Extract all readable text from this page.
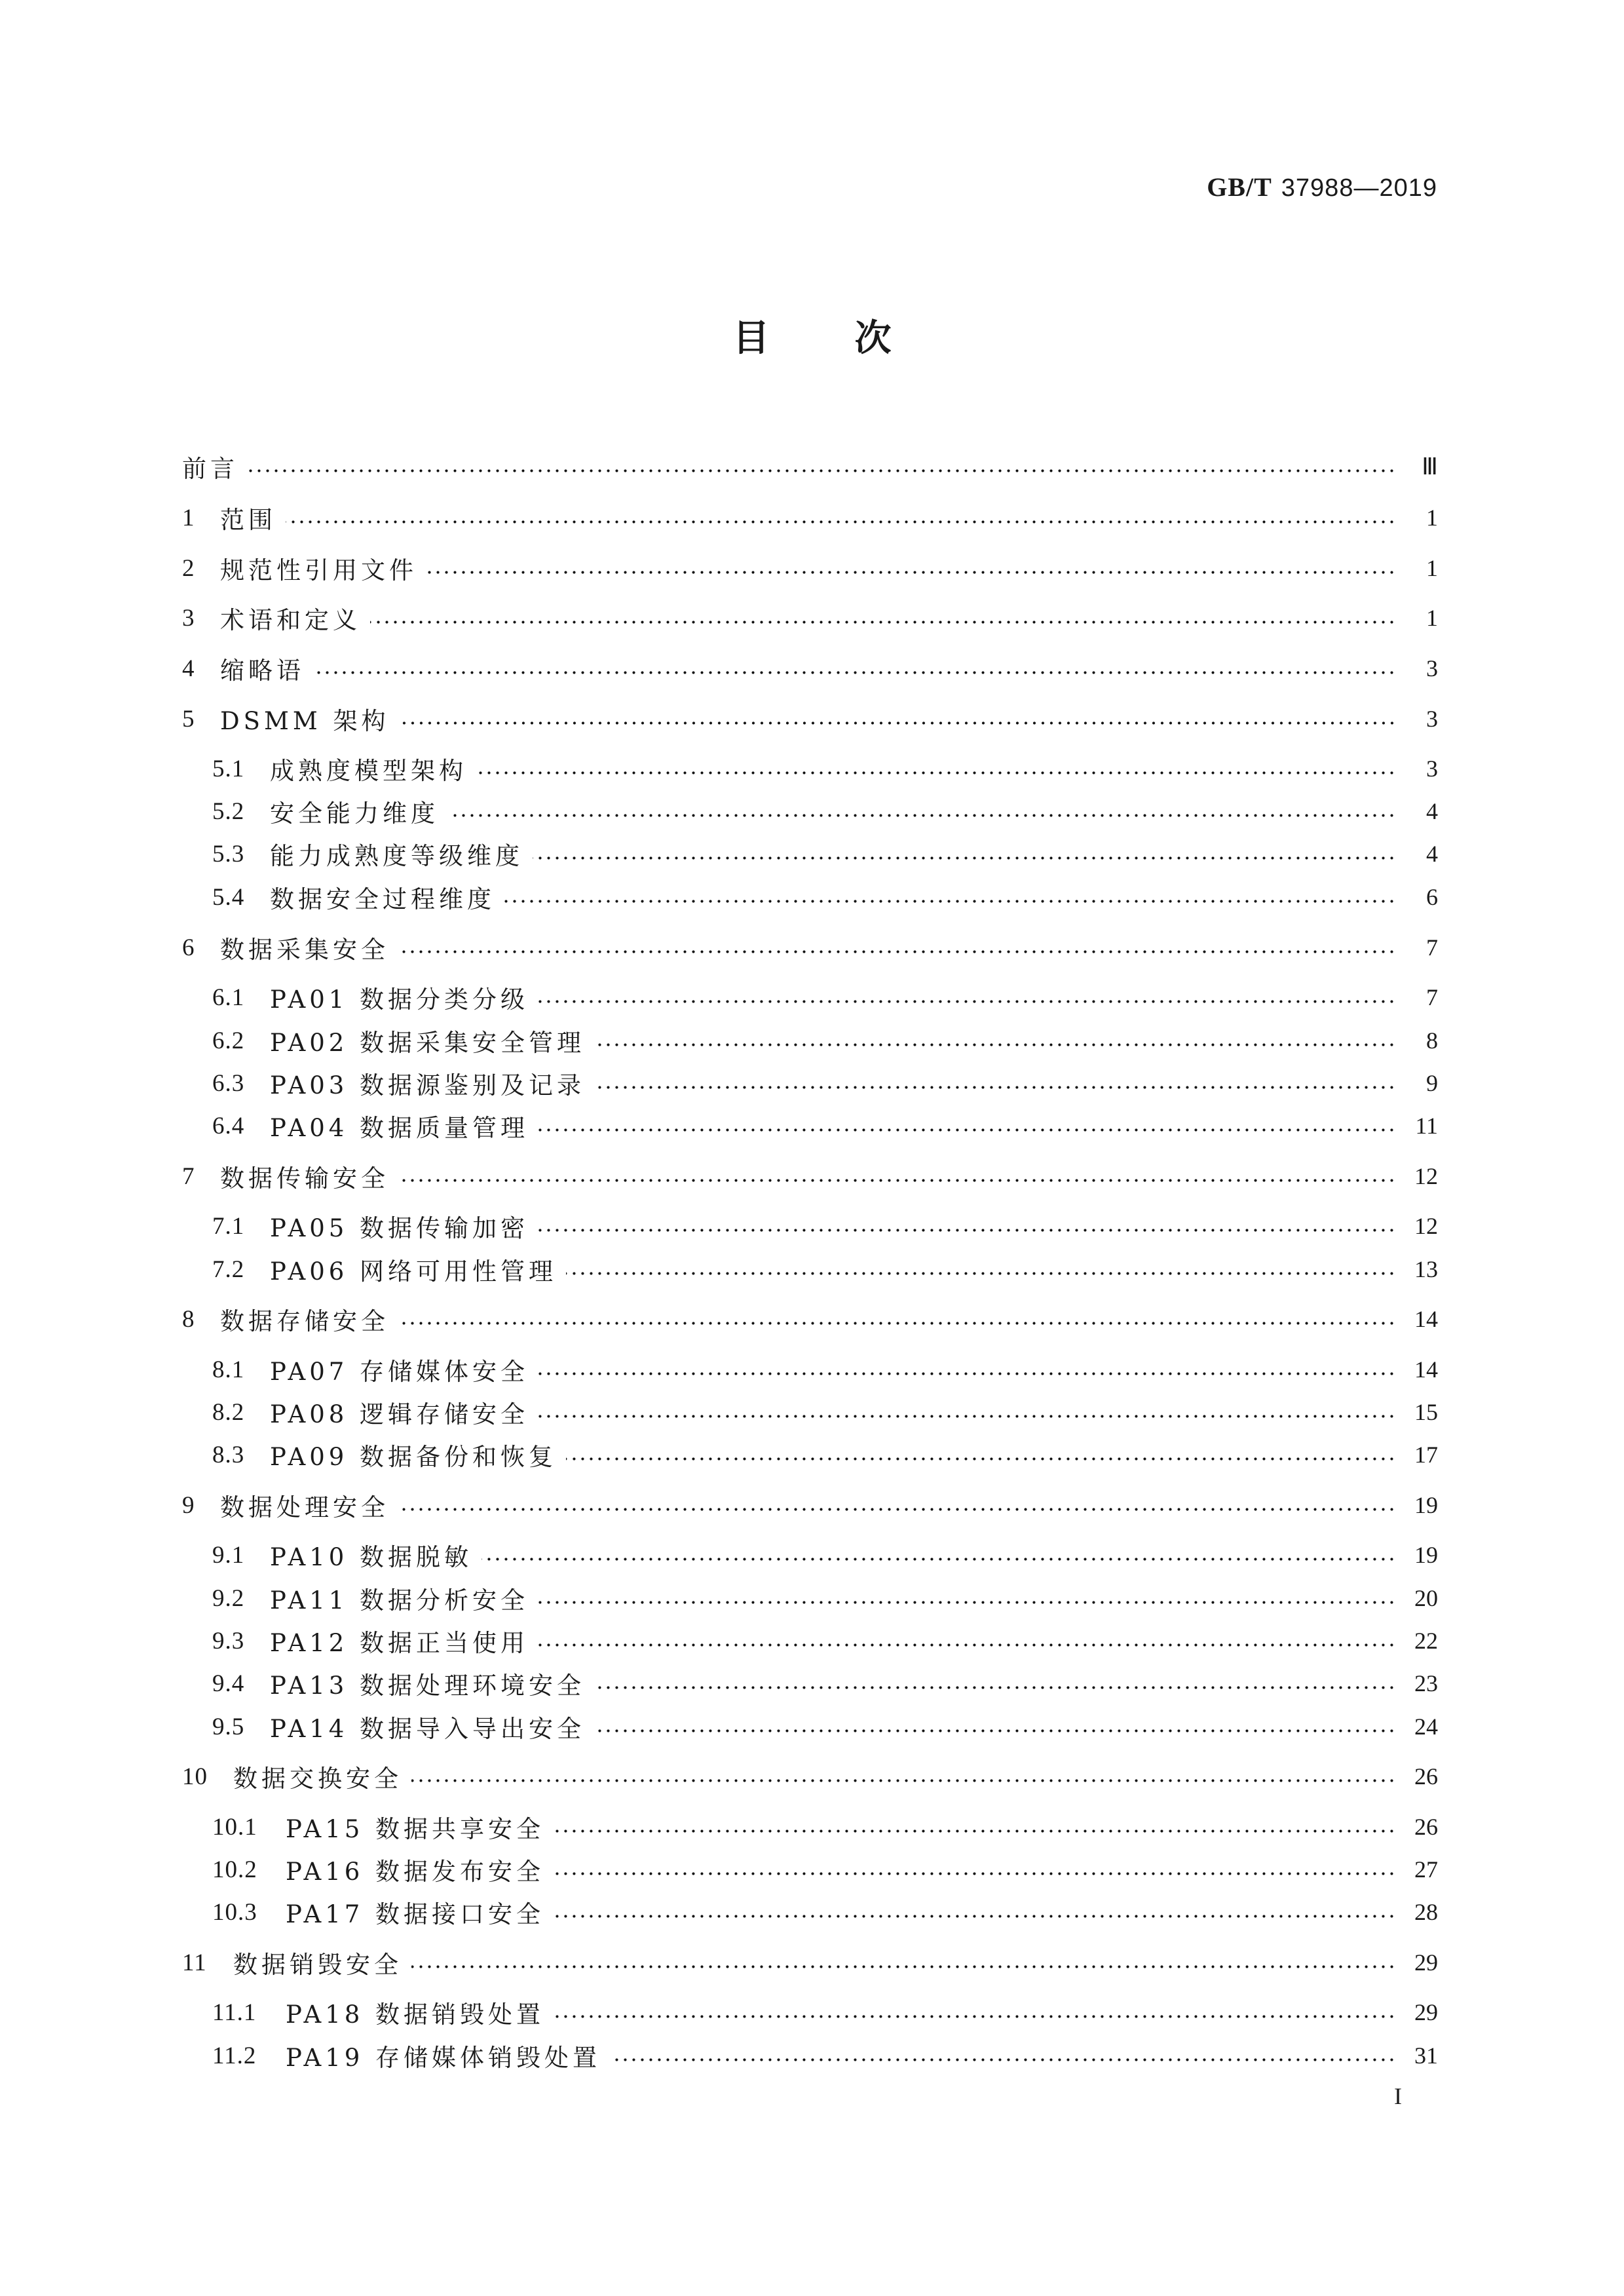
GB/T 37988—2019
目次
前言	Ⅲ
1	范围	1
2	规范性引用文件	1
3	术语和定义	1
4	缩略语	3
5	DSMM 架构	3
5.1	成熟度模型架构	3
5.2	安全能力维度	4
5.3	能力成熟度等级维度	4
5.4	数据安全过程维度	6
6	数据采集安全	7
6.1	PA01 数据分类分级	7
6.2	PA02 数据采集安全管理	8
6.3	PA03 数据源鉴别及记录	9
6.4	PA04 数据质量管理	11
7	数据传输安全	12
7.1	PA05 数据传输加密	12
7.2	PA06 网络可用性管理	13
8	数据存储安全	14
8.1	PA07 存储媒体安全	14
8.2	PA08 逻辑存储安全	15
8.3	PA09 数据备份和恢复	17
9	数据处理安全	19
9.1	PA10 数据脱敏	19
9.2	PA11 数据分析安全	20
9.3	PA12 数据正当使用	22
9.4	PA13 数据处理环境安全	23
9.5	PA14 数据导入导出安全	24
10	数据交换安全	26
10.1	PA15 数据共享安全	26
10.2	PA16 数据发布安全	27
10.3	PA17 数据接口安全	28
11	数据销毁安全	29
11.1	PA18 数据销毁处置	29
11.2	PA19 存储媒体销毁处置	31
I
